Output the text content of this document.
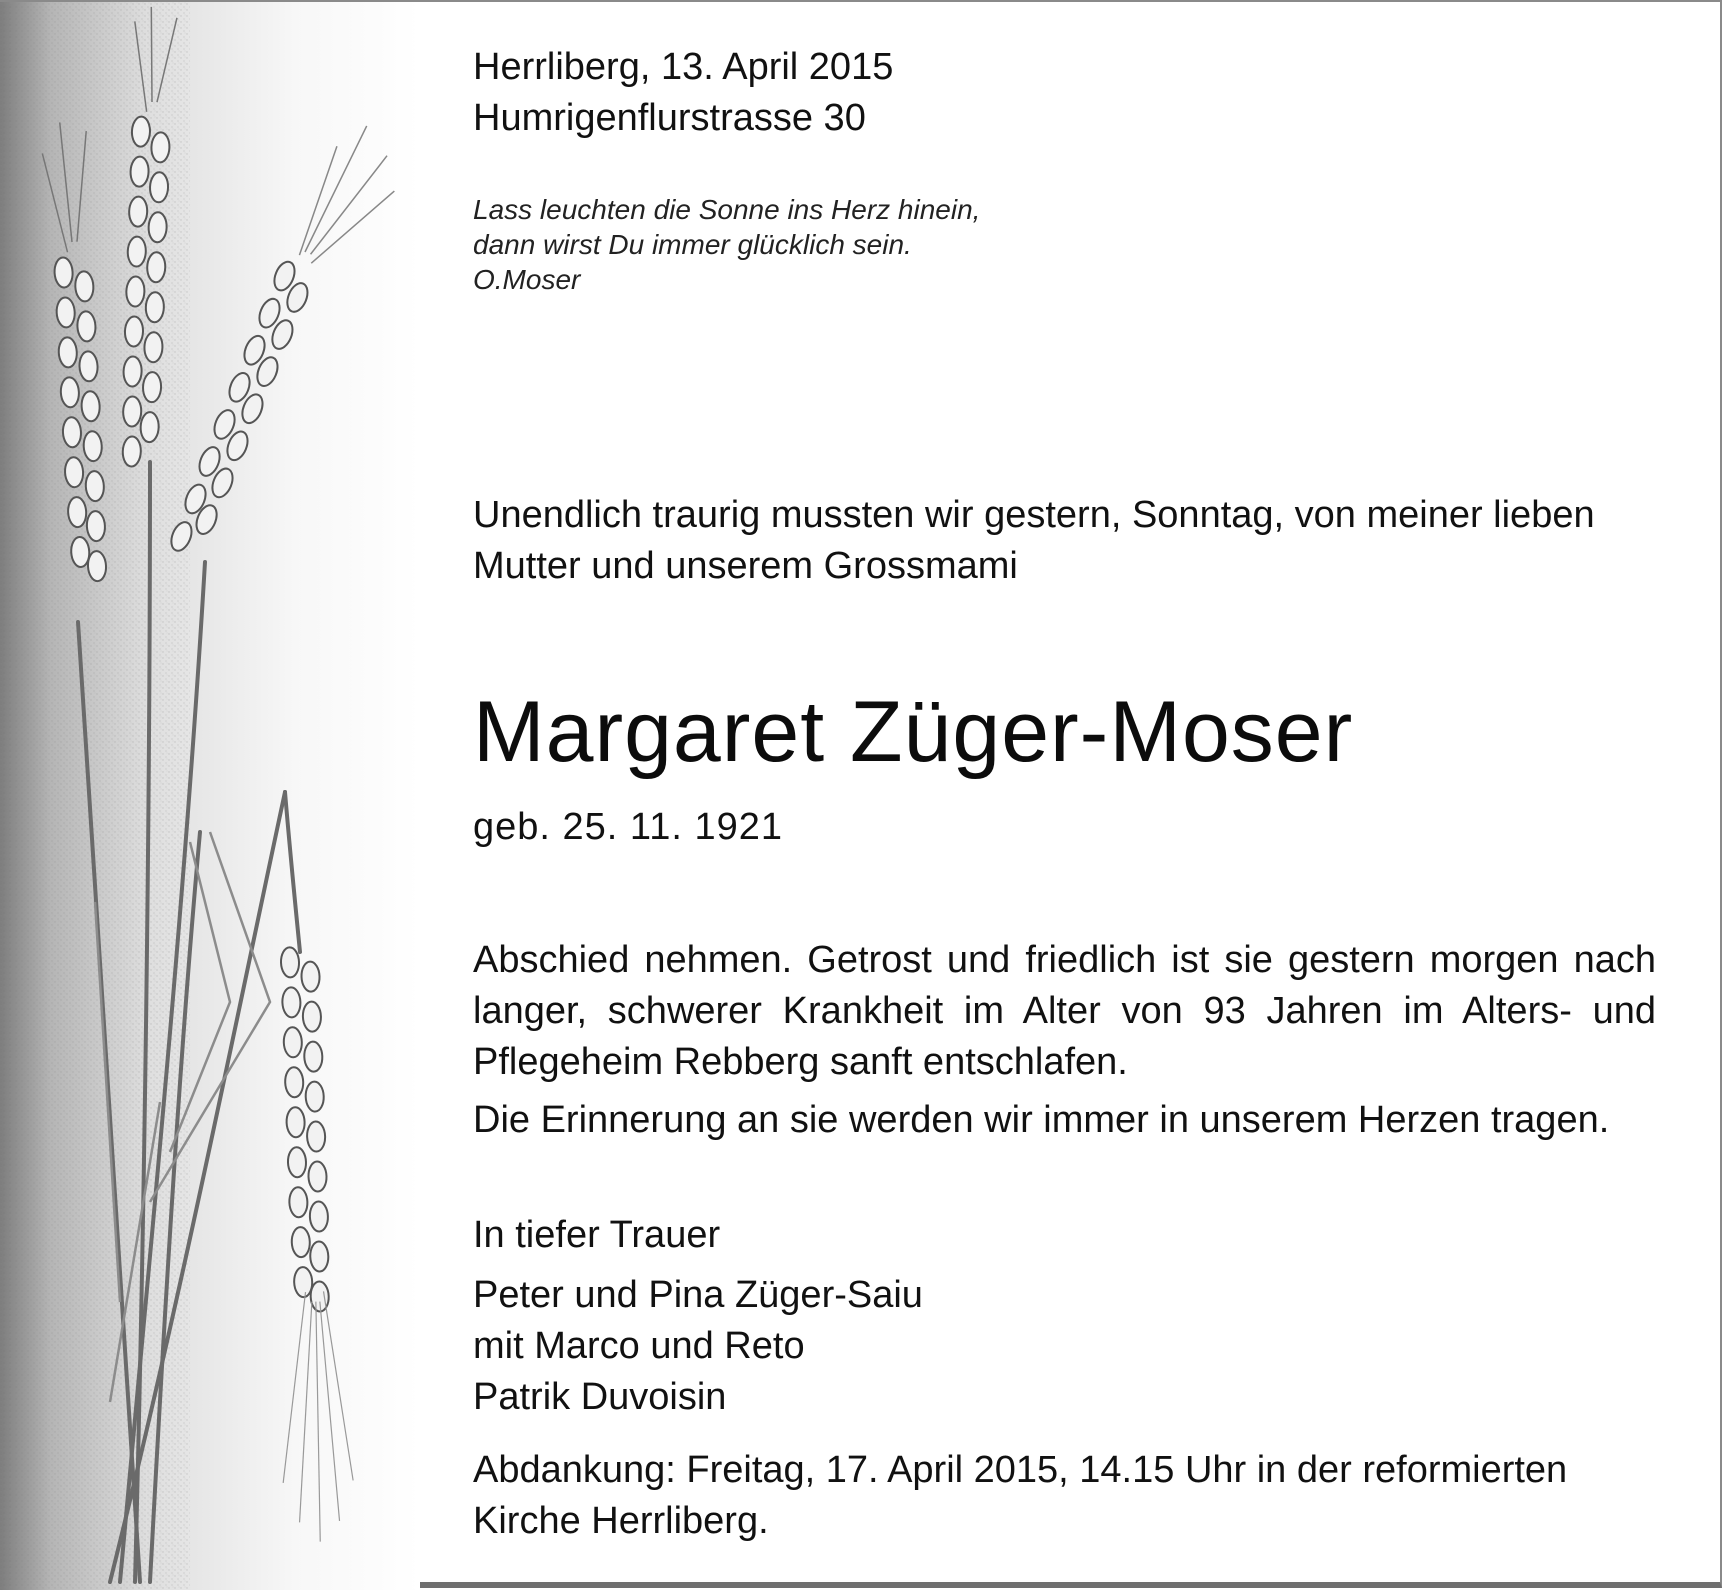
Herrliberg, 13. April 2015

Humrigenflurstrasse 30

Lass leuchten die Sonne ins Herz hinein,
dann wirst Du immer glücklich sein.
O.Moser
Unendlich traurig mussten wir gestern, Sonntag, von meiner lieben
Mutter und unserem Grossmami
Margaret Züger-Moser
geb. 25. 11. 1921
Abschied nehmen. Getrost und friedlich ist sie gestern morgen nach langer, schwerer Krankheit im Alter von 93 Jahren im Alters- und Pflegeheim Rebberg sanft entschlafen.
Die Erinnerung an sie werden wir immer in unserem Herzen tragen.
In tiefer Trauer
Peter und Pina Züger-Saiu
mit Marco und Reto
Patrik Duvoisin
Abdankung: Freitag, 17. April 2015, 14.15 Uhr in der reformierten Kirche Herrliberg.
